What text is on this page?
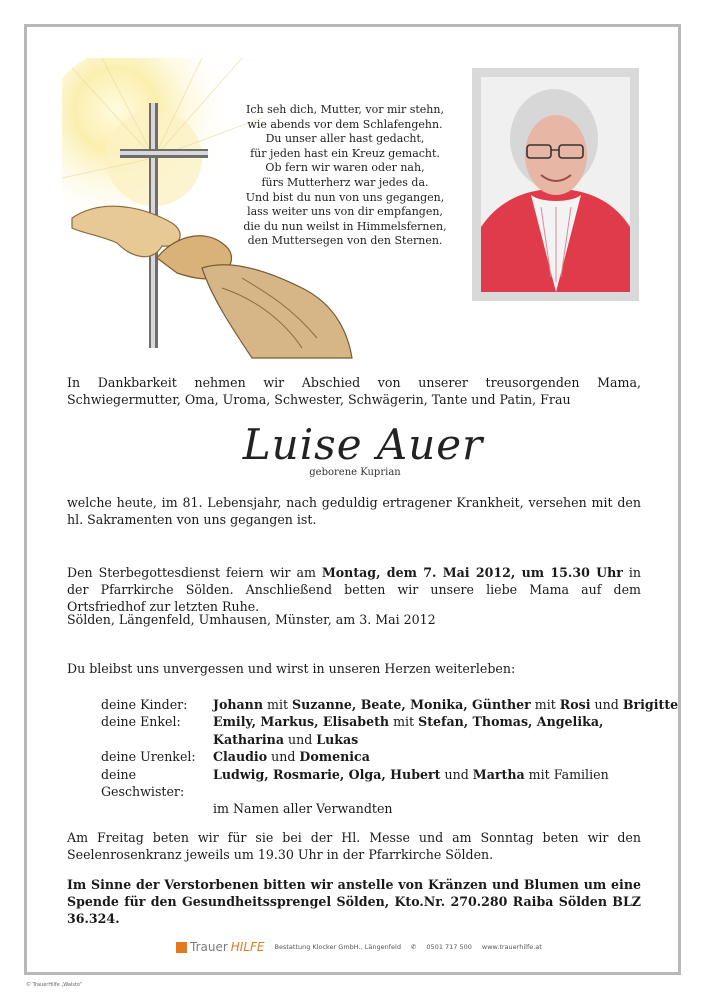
Ich seh dich, Mutter, vor mir stehn,
wie abends vor dem Schlafengehn.
Du unser aller hast gedacht,
für jeden hast ein Kreuz gemacht.
Ob fern wir waren oder nah,
fürs Mutterherz war jedes da.
Und bist du nun von uns gegangen,
lass weiter uns von dir empfangen,
die du nun weilst in Himmelsfernen,
den Muttersegen von den Sternen.
In Dankbarkeit nehmen wir Abschied von unserer treusorgenden Mama, Schwiegermutter, Oma, Uroma, Schwester, Schwägerin, Tante und Patin, Frau
Luise Auer
geborene Kuprian
welche heute, im 81. Lebensjahr, nach geduldig ertragener Krankheit, versehen mit den hl. Sakramenten von uns gegangen ist.
Den Sterbegottesdienst feiern wir am Montag, dem 7. Mai 2012, um 15.30 Uhr in der Pfarrkirche Sölden. Anschließend betten wir unsere liebe Mama auf dem Ortsfriedhof zur letzten Ruhe.
Sölden, Längenfeld, Umhausen, Münster, am 3. Mai 2012
Du bleibst uns unvergessen und wirst in unseren Herzen weiterleben:
deine Kinder:	Johann mit Suzanne, Beate, Monika, Günther mit Rosi und Brigitte
deine Enkel:	Emily, Markus, Elisabeth mit Stefan, Thomas, Angelika,
Katharina und Lukas
deine Urenkel:	Claudio und Domenica
deine Geschwister:
Ludwig, Rosmarie, Olga, Hubert und Martha mit Familien
im Namen aller Verwandten
Am Freitag beten wir für sie bei der Hl. Messe und am Sonntag beten wir den Seelenrosenkranz jeweils um 19.30 Uhr in der Pfarrkirche Sölden.
Im Sinne der Verstorbenen bitten wir anstelle von Kränzen und Blumen um eine Spende für den Gesundheitssprengel Sölden, Kto.Nr. 270.280 Raiba Sölden BLZ 36.324.
Trauer HILFE Bestattung Klocker GmbH., Längenfeld ✆ 0501 717 500 www.trauerhilfe.at
© TrauerHilfe „Walsto“
